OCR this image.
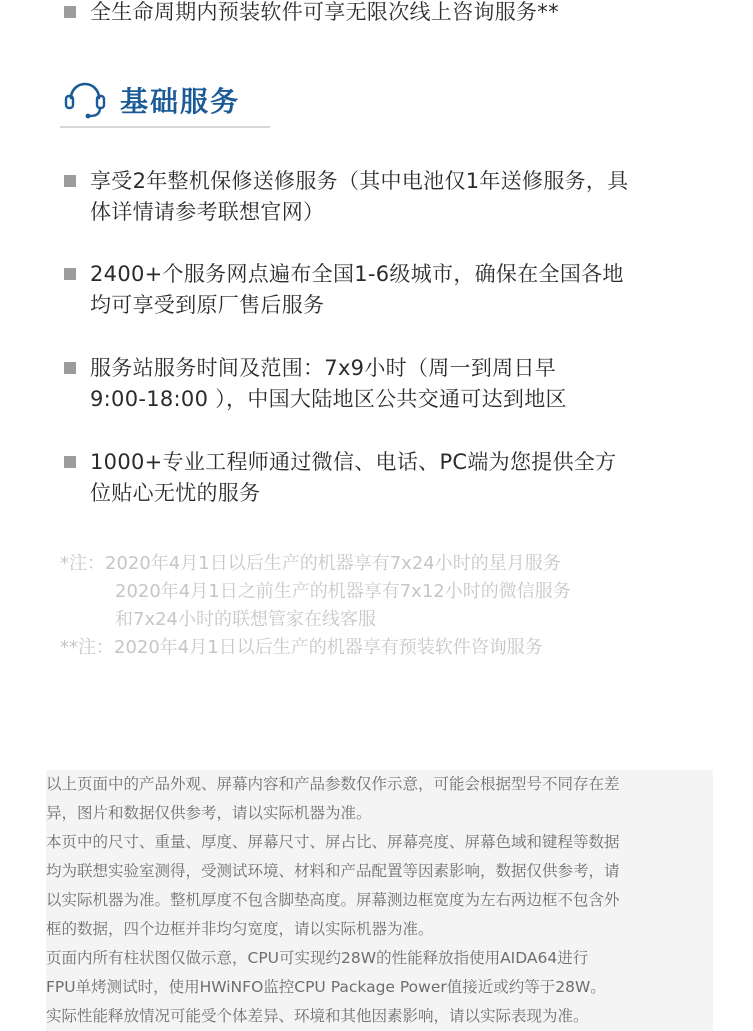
全生命周期内预装软件可享无限次线上咨询服务**
基础服务
享受2年整机保修送修服务（其中电池仅1年送修服务，具
体详情请参考联想官网）
2400+个服务网点遍布全国1-6级城市，确保在全国各地
均可享受到原厂售后服务
服务站服务时间及范围：7x9小时（周一到周日早
9:00-18:00 ），中国大陆地区公共交通可达到地区
1000+专业工程师通过微信、电话、PC端为您提供全方
位贴心无忧的服务
*注：2020年4月1日以后生产的机器享有7x24小时的星月服务
2020年4月1日之前生产的机器享有7x12小时的微信服务
和7x24小时的联想管家在线客服
**注：2020年4月1日以后生产的机器享有预装软件咨询服务

以上页面中的产品外观、屏幕内容和产品参数仅作示意，可能会根据型号不同存在差

异，图片和数据仅供参考，请以实际机器为准。

本页中的尺寸、重量、厚度、屏幕尺寸、屏占比、屏幕亮度、屏幕色域和键程等数据

均为联想实验室测得，受测试环境、材料和产品配置等因素影响，数据仅供参考，请

以实际机器为准。整机厚度不包含脚垫高度。屏幕测边框宽度为左右两边框不包含外

框的数据，四个边框并非均匀宽度，请以实际机器为准。

页面内所有柱状图仅做示意，CPU可实现约28W的性能释放指使用AIDA64进行

FPU单烤测试时，使用HWiNFO监控CPU Package Power值接近或约等于28W。

实际性能释放情况可能受个体差异、环境和其他因素影响，请以实际表现为准。
